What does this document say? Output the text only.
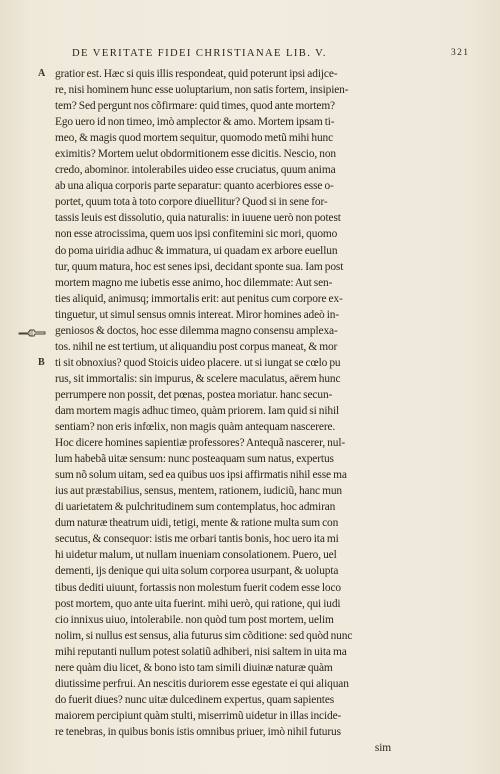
DE VERITATE FIDEI CHRISTIANAE LIB. V.	321
A
B
gratior est. Hæc si quis illis respondeat, quid poterunt ipsi adijce-
re, nisi hominem hunc esse uoluptarium, non satis fortem, insipien-
tem? Sed pergunt nos cõfirmare: quid times, quod ante mortem?
Ego uero id non timeo, imò amplector & amo. Mortem ipsam ti-
meo, & magis quod mortem sequitur, quomodo metũ mihi hunc
eximitis? Mortem uelut obdormitionem esse dicitis. Nescio, non
credo, abominor. intolerabiles uideo esse cruciatus, quum anima
ab una aliqua corporis parte separatur: quanto acerbiores esse o-
portet, quum tota à toto corpore diuellitur? Quod si in sene for-
tassis leuis est dissolutio, quia naturalis: in iuuene uerò non potest
non esse atrocissima, quem uos ipsi confitemini sic mori, quomo
do poma uiridia adhuc & immatura, ui quadam ex arbore euellun
tur, quum matura, hoc est senes ipsi, decidant sponte sua. Iam post
mortem magno me iubetis esse animo, hoc dilemmate: Aut sen-
ties aliquid, animusq; immortalis erit: aut penitus cum corpore ex-
tinguetur, ut simul sensus omnis intereat. Miror homines adeò in-
geniosos & doctos, hoc esse dilemma magno consensu amplexa-
tos. nihil ne est tertium, ut aliquandiu post corpus maneat, & mor
ti sit obnoxius? quod Stoicis uideo placere. ut si iungat se cœlo pu
rus, sit immortalis: sin impurus, & scelere maculatus, aërem hunc
perrumpere non possit, det pœnas, postea moriatur. hanc secun-
dam mortem magis adhuc timeo, quàm priorem. Iam quid si nihil
sentiam? non eris infœlix, non magis quàm antequam nascerere.
Hoc dicere homines sapientiæ professores? Antequã nascerer, nul-
lum habebã uitæ sensum: nunc posteaquam sum natus, expertus
sum nõ solum uitam, sed ea quibus uos ipsi affirmatis nihil esse ma
ius aut præstabilius, sensus, mentem, rationem, iudiciũ, hanc mun
di uarietatem & pulchritudinem sum contemplatus, hoc admiran
dum naturæ theatrum uidi, tetigi, mente & ratione multa sum con
secutus, & consequor: istis me orbari tantis bonis, hoc uero ita mi
hi uidetur malum, ut nullam inueniam consolationem. Puero, uel
dementi, ijs denique qui uita solum corporea usurpant, & uolupta
tibus dediti uiuunt, fortassis non molestum fuerit codem esse loco
post mortem, quo ante uita fuerint. mihi uerò, qui ratione, qui iudi
cio innixus uiuo, intolerabile. non quòd tum post mortem, uelim
nolim, si nullus est sensus, alia futurus sim cõditione: sed quòd nunc
mihi reputanti nullum potest solatiũ adhiberi, nisi saltem in uita ma
nere quàm diu licet, & bono isto tam simili diuinæ naturæ quàm
diutissime perfrui. An nescitis duriorem esse egestate ei qui aliquan
do fuerit diues? nunc uitæ dulcedinem expertus, quam sapientes
maiorem percipiunt quàm stulti, miserrimũ uidetur in illas incide-
re tenebras, in quibus bonis istis omnibus priuer, imò nihil futurus
sim
